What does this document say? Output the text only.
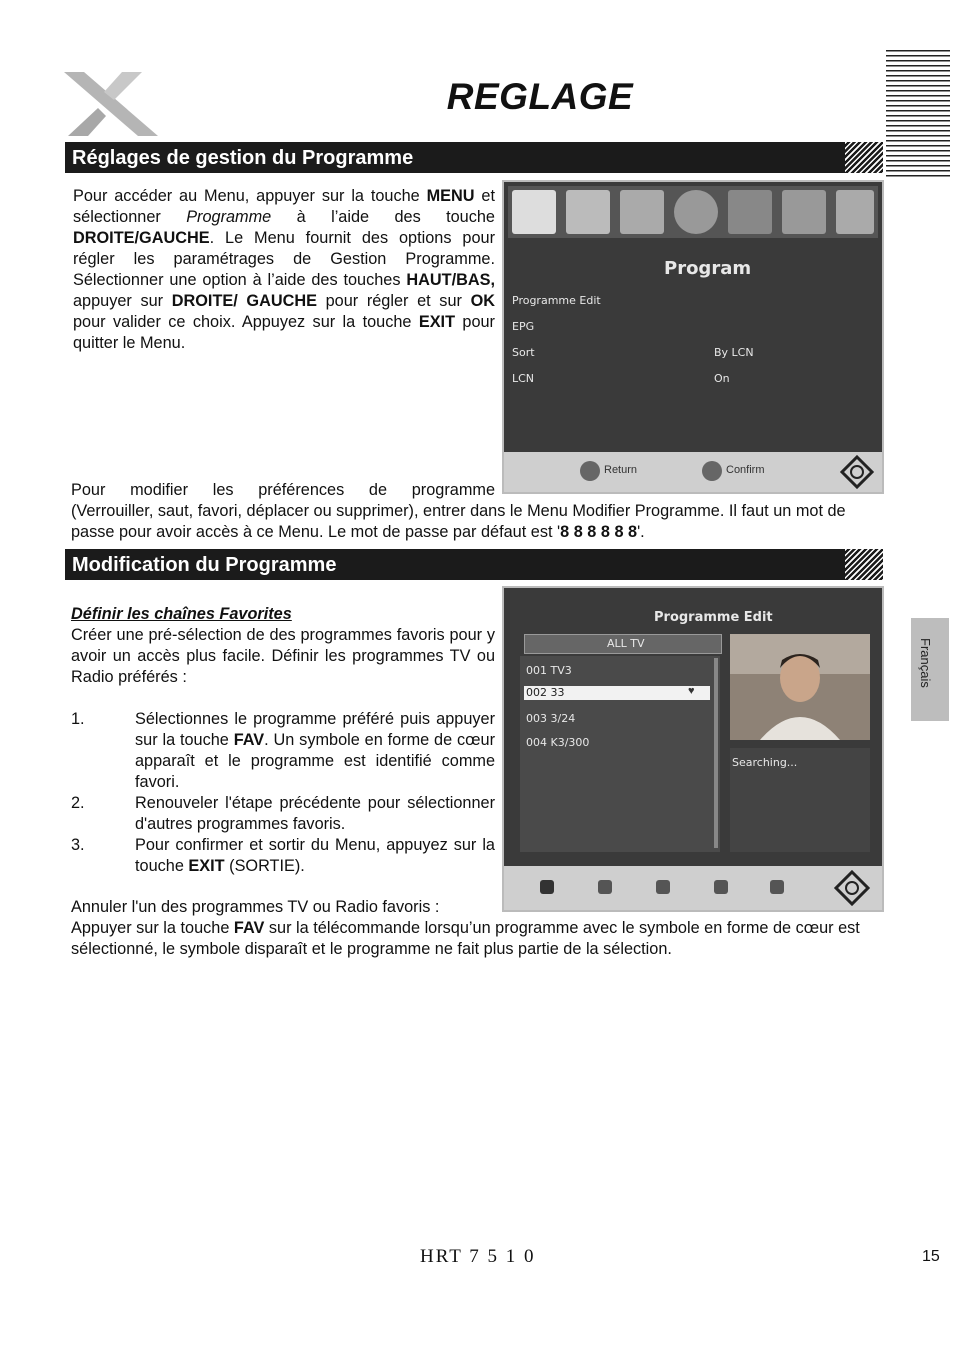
REGLAGE
Réglages de gestion du Programme
Pour accéder au Menu, appuyer sur la touche MENU et sélectionner Programme à l’aide des touche DROITE/GAUCHE. Le Menu fournit des options pour régler les paramétrages de Gestion Programme. Sélectionner une option à l’aide des touches HAUT/BAS, appuyer sur DROITE/ GAUCHE pour régler et sur OK pour valider ce choix. Appuyez sur la touche EXIT pour quitter le Menu.
Program
Programme Edit
EPG
Sort	By LCN
LCN	On
Return	Confirm
Pour modifier les préférences de programme
(Verrouiller, saut, favori, déplacer ou supprimer), entrer dans le Menu Modifier Programme. Il faut un mot de passe pour avoir accès à ce Menu. Le mot de passe par défaut est '8 8 8 8 8 8'.
Modification du Programme
Définir les chaînes Favorites
Créer une pré-sélection de des programmes favoris pour y avoir un accès plus facile. Définir les programmes TV ou Radio préférés :
1.	Sélectionnes le programme préféré puis appuyer sur la touche FAV. Un symbole en forme de cœur apparaît et le programme est identifié comme favori.
2.	Renouveler l'étape précédente pour sélectionner d'autres programmes favoris.
3.	Pour confirmer et sortir du Menu, appuyez sur la touche EXIT (SORTIE).
Programme Edit
ALL TV
001 TV3
002 33	♥
003 3/24
004 K3/300
Searching...
Annuler l'un des programmes TV ou Radio favoris :
Appuyer sur la touche FAV sur la télécommande lorsqu’un programme avec le symbole en forme de cœur est sélectionné, le symbole disparaît et le programme ne fait plus partie de la sélection.
Français
HRT 7 5 1 0	15
